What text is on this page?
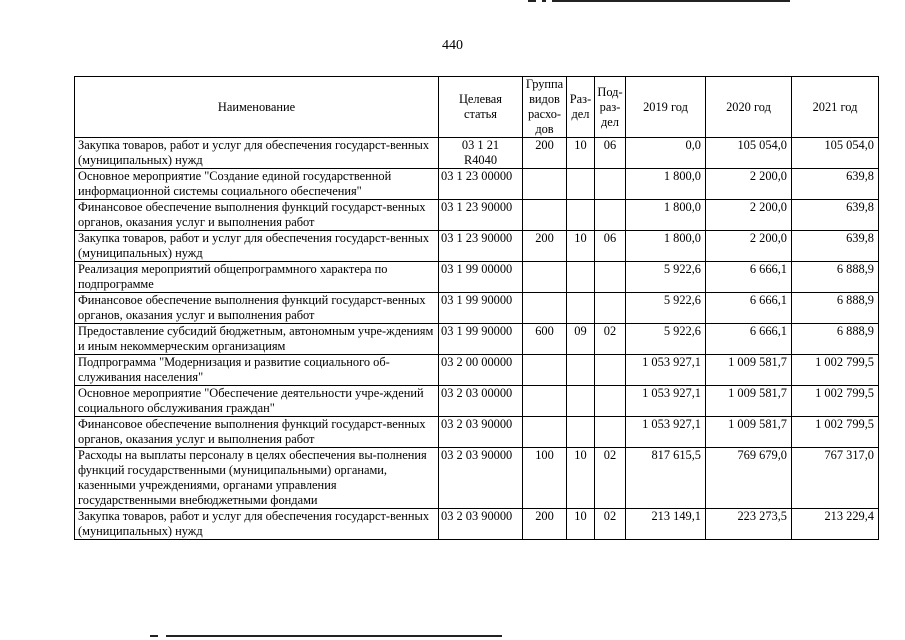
440
Наименование	Целевая статья	Группа видов расхо-дов	Раз-дел	Под-раз-дел	2019 год	2020 год	2021 год
Закупка товаров, работ и услуг для обеспечения государст-венных (муниципальных) нужд	03 1 21 R4040	200	10	06	0,0	105 054,0	105 054,0
Основное мероприятие "Создание единой государственной информационной системы социального обеспечения"	03 1 23 00000				1 800,0	2 200,0	639,8
Финансовое обеспечение выполнения функций государст-венных органов, оказания услуг и выполнения работ	03 1 23 90000				1 800,0	2 200,0	639,8
Закупка товаров, работ и услуг для обеспечения государст-венных (муниципальных) нужд	03 1 23 90000	200	10	06	1 800,0	2 200,0	639,8
Реализация мероприятий общепрограммного характера по подпрограмме	03 1 99 00000				5 922,6	6 666,1	6 888,9
Финансовое обеспечение выполнения функций государст-венных органов, оказания услуг и выполнения работ	03 1 99 90000				5 922,6	6 666,1	6 888,9
Предоставление субсидий бюджетным, автономным учре-ждениям и иным некоммерческим организациям	03 1 99 90000	600	09	02	5 922,6	6 666,1	6 888,9
Подпрограмма "Модернизация и развитие социального об-служивания населения"	03 2 00 00000				1 053 927,1	1 009 581,7	1 002 799,5
Основное мероприятие "Обеспечение деятельности учре-ждений социального обслуживания граждан"	03 2 03 00000				1 053 927,1	1 009 581,7	1 002 799,5
Финансовое обеспечение выполнения функций государст-венных органов, оказания услуг и выполнения работ	03 2 03 90000				1 053 927,1	1 009 581,7	1 002 799,5
Расходы на выплаты персоналу в целях обеспечения вы-полнения функций государственными (муниципальными) органами, казенными учреждениями, органами управления государственными внебюджетными фондами	03 2 03 90000	100	10	02	817 615,5	769 679,0	767 317,0
Закупка товаров, работ и услуг для обеспечения государст-венных (муниципальных) нужд	03 2 03 90000	200	10	02	213 149,1	223 273,5	213 229,4
